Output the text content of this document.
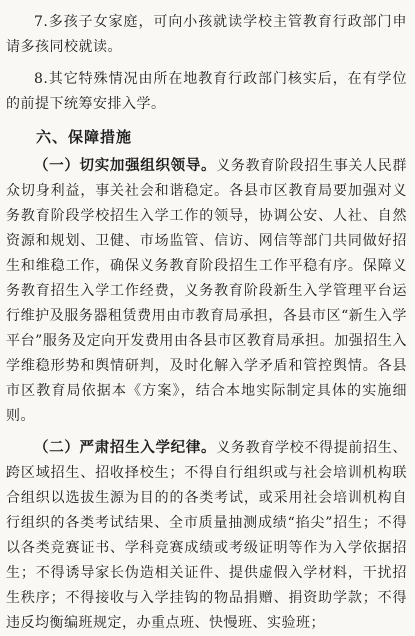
7.多孩子女家庭，可向小孩就读学校主管教育行政部门申请多孩同校就读。

8.其它特殊情况由所在地教育行政部门核实后，在有学位的前提下统筹安排入学。

六、保障措施

（一）切实加强组织领导。义务教育阶段招生事关人民群众切身利益，事关社会和谐稳定。各县市区教育局要加强对义务教育阶段学校招生入学工作的领导，协调公安、人社、自然资源和规划、卫健、市场监管、信访、网信等部门共同做好招生和维稳工作，确保义务教育阶段招生工作平稳有序。保障义务教育招生入学工作经费，义务教育阶段新生入学管理平台运行维护及服务器租赁费用由市教育局承担，各县市区“新生入学平台”服务及定向开发费用由各县市区教育局承担。加强招生入学维稳形势和舆情研判，及时化解入学矛盾和管控舆情。各县市区教育局依据本《方案》，结合本地实际制定具体的实施细则。

（二）严肃招生入学纪律。义务教育学校不得提前招生、跨区域招生、招收择校生；不得自行组织或与社会培训机构联合组织以选拔生源为目的的各类考试，或采用社会培训机构自行组织的各类考试结果、全市质量抽测成绩“掐尖”招生；不得以各类竞赛证书、学科竞赛成绩或考级证明等作为入学依据招生；不得诱导家长伪造相关证件、提供虚假入学材料，干扰招生秩序；不得接收与入学挂钩的物品捐赠、捐资助学款；不得违反均衡编班规定，办重点班、快慢班、实验班；
